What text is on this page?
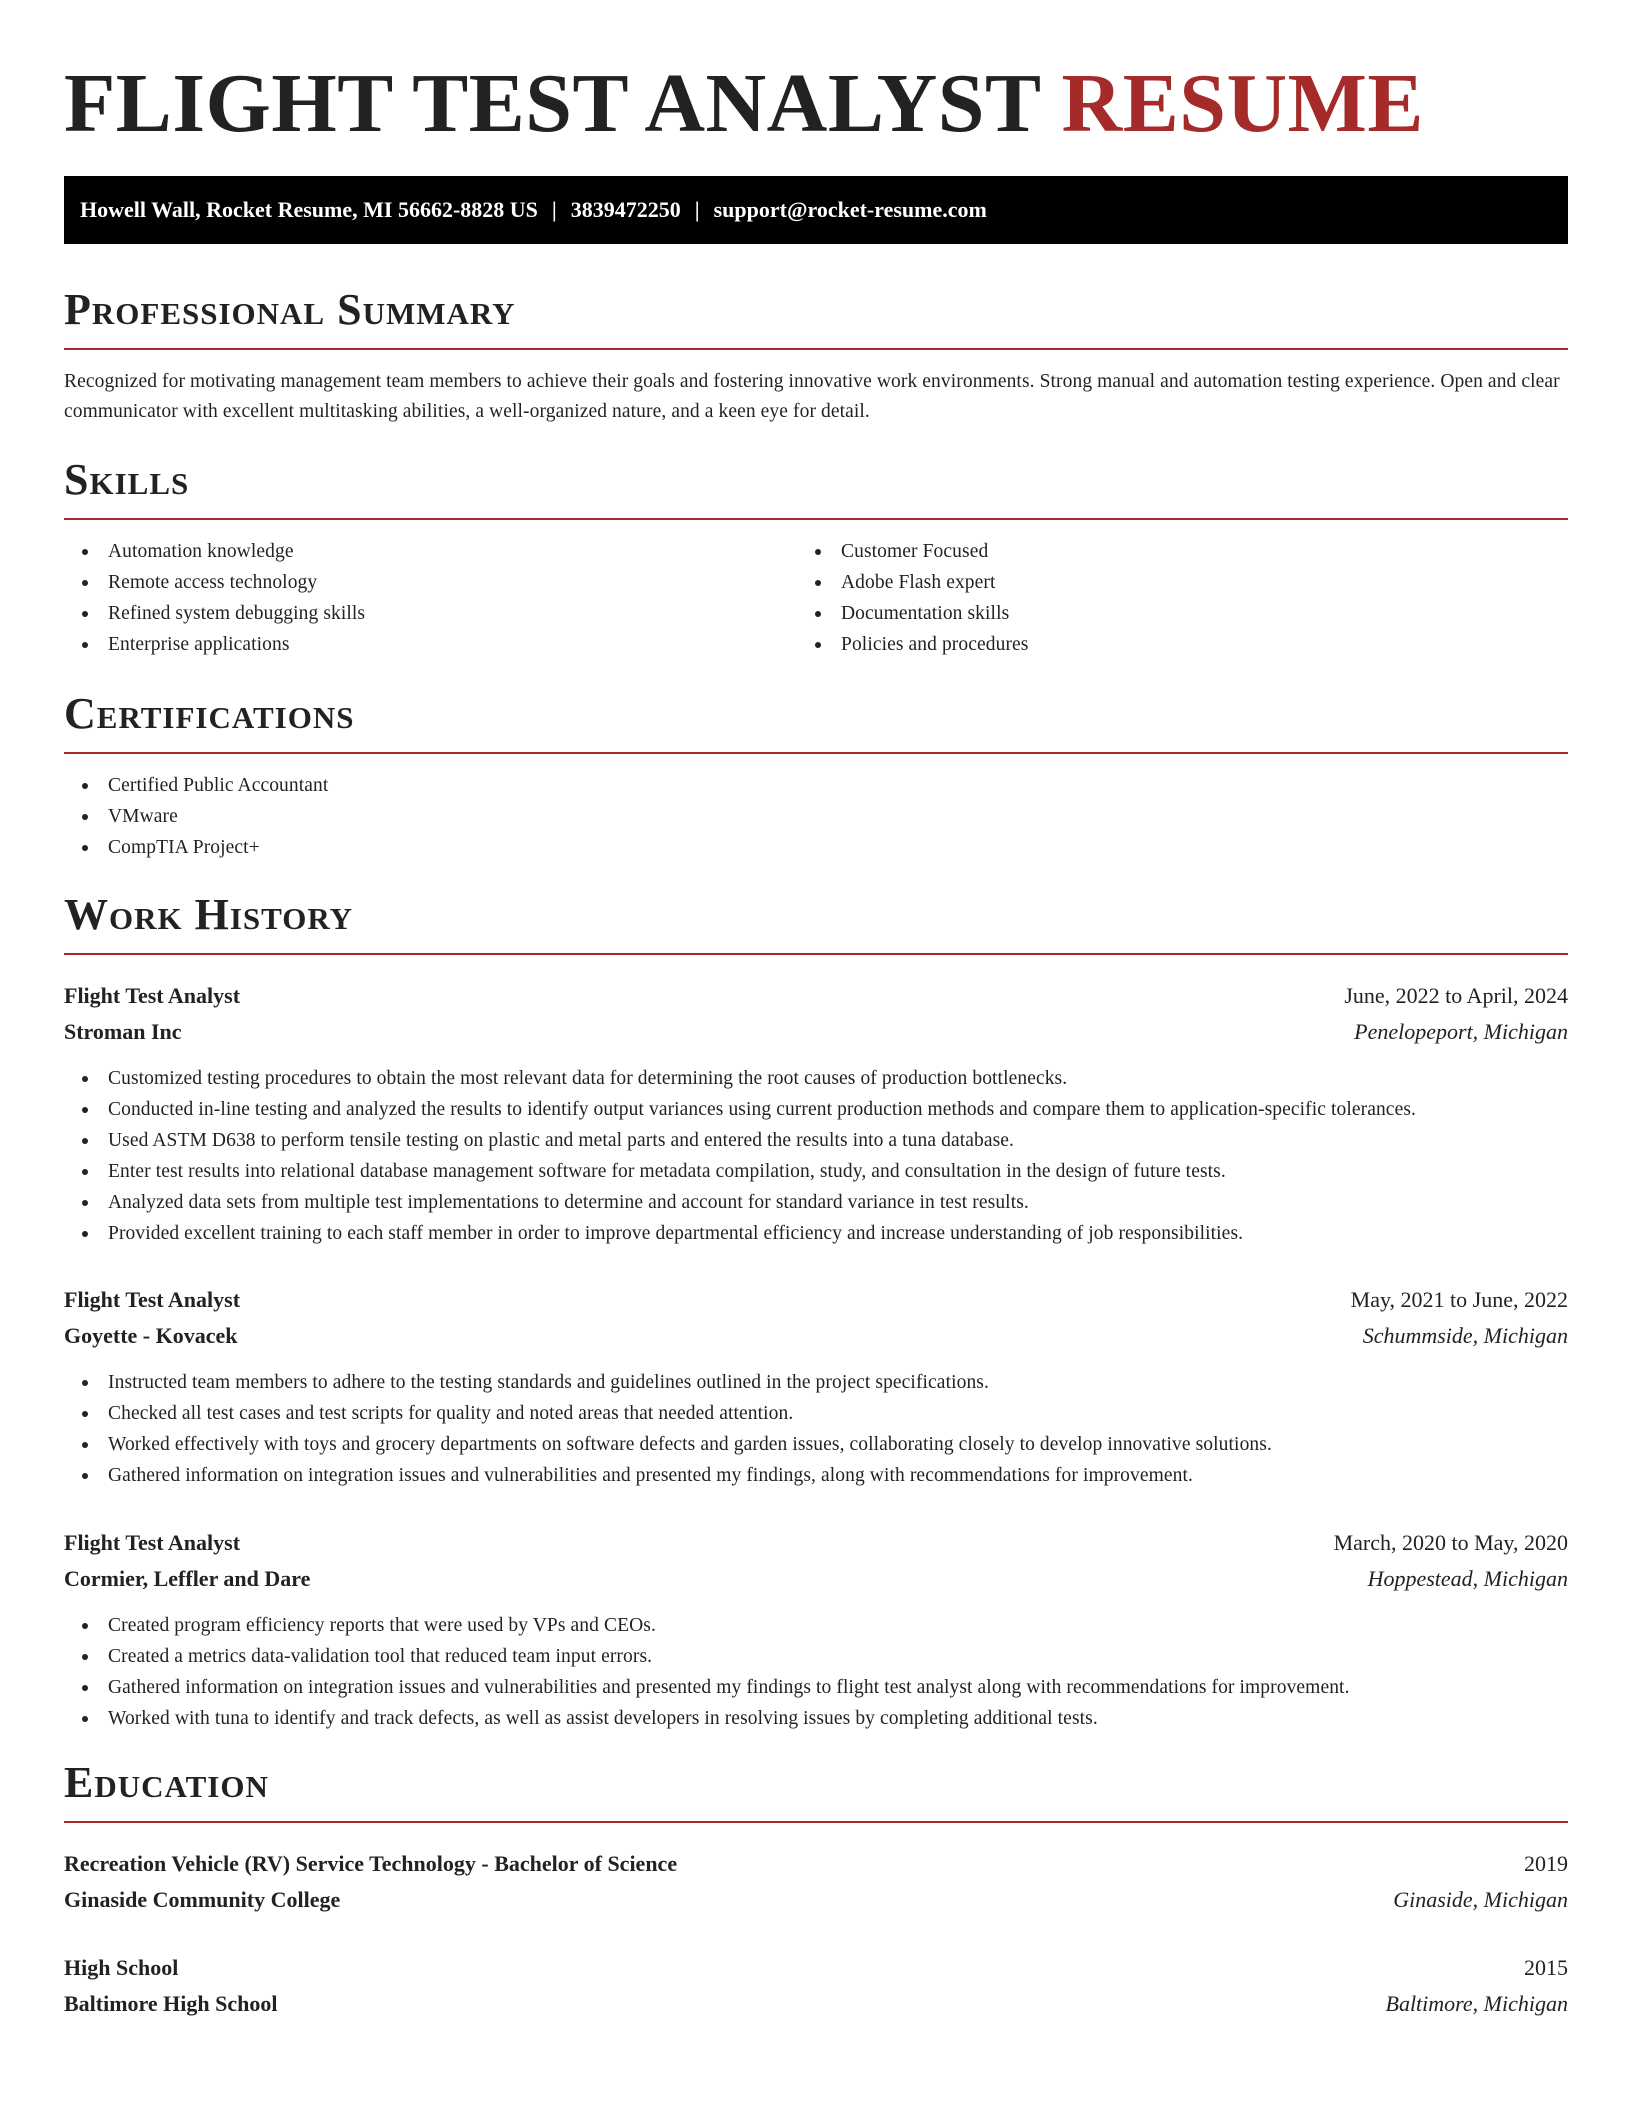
FLIGHT TEST ANALYST RESUME
Howell Wall, Rocket Resume, MI 56662-8828 US | 3839472250 | support@rocket-resume.com
Professional Summary

Recognized for motivating management team members to achieve their goals and fostering innovative work environments. Strong manual and automation testing experience. Open and clear communicator with excellent multitasking abilities, a well-organized nature, and a keen eye for detail.

Skills
Automation knowledge
Remote access technology
Refined system debugging skills
Enterprise applications
Customer Focused
Adobe Flash expert
Documentation skills
Policies and procedures
Certifications
Certified Public Accountant
VMware
CompTIA Project+
Work History
Flight Test Analyst	June, 2022 to April, 2024
Stroman Inc	Penelopeport, Michigan
Customized testing procedures to obtain the most relevant data for determining the root causes of production bottlenecks.
Conducted in-line testing and analyzed the results to identify output variances using current production methods and compare them to application-specific tolerances.
Used ASTM D638 to perform tensile testing on plastic and metal parts and entered the results into a tuna database.
Enter test results into relational database management software for metadata compilation, study, and consultation in the design of future tests.
Analyzed data sets from multiple test implementations to determine and account for standard variance in test results.
Provided excellent training to each staff member in order to improve departmental efficiency and increase understanding of job responsibilities.
Flight Test Analyst	May, 2021 to June, 2022
Goyette - Kovacek	Schummside, Michigan
Instructed team members to adhere to the testing standards and guidelines outlined in the project specifications.
Checked all test cases and test scripts for quality and noted areas that needed attention.
Worked effectively with toys and grocery departments on software defects and garden issues, collaborating closely to develop innovative solutions.
Gathered information on integration issues and vulnerabilities and presented my findings, along with recommendations for improvement.
Flight Test Analyst	March, 2020 to May, 2020
Cormier, Leffler and Dare	Hoppestead, Michigan
Created program efficiency reports that were used by VPs and CEOs.
Created a metrics data-validation tool that reduced team input errors.
Gathered information on integration issues and vulnerabilities and presented my findings to flight test analyst along with recommendations for improvement.
Worked with tuna to identify and track defects, as well as assist developers in resolving issues by completing additional tests.
Education
Recreation Vehicle (RV) Service Technology - Bachelor of Science	2019
Ginaside Community College	Ginaside, Michigan
High School	2015
Baltimore High School	Baltimore, Michigan
